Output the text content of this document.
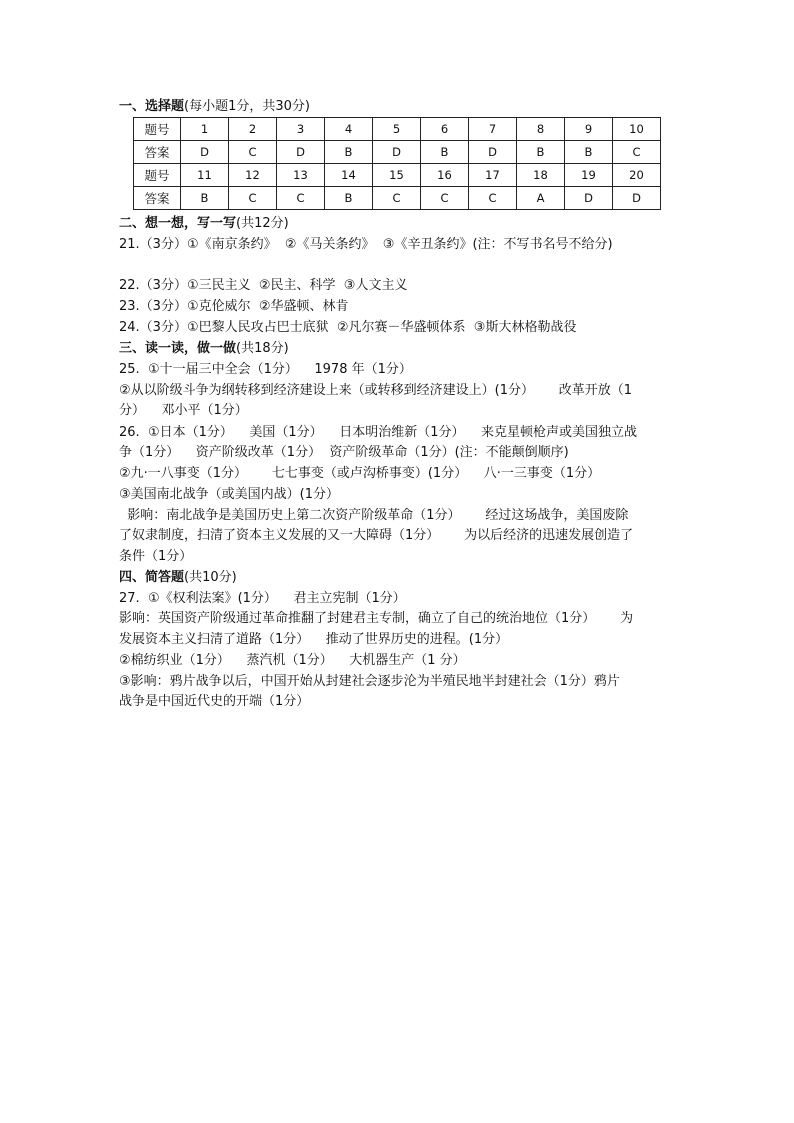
一、选择题(每小题1分，共30分)
题号	1	2	3	4	5	6	7	8	9	10
答案	D	C	D	B	D	B	D	B	B	C
题号	11	12	13	14	15	16	17	18	19	20
答案	B	C	C	B	C	C	C	A	D	D
二、想一想，写一写(共12分)
21.（3分）①《南京条约》  ②《马关条约》  ③《辛丑条约》(注：不写书名号不给分)
22.（3分）①三民主义  ②民主、科学  ③人文主义
23.（3分）①克伦威尔  ②华盛顿、林肯
24.（3分）①巴黎人民攻占巴士底狱  ②凡尔赛－华盛顿体系  ③斯大林格勒战役
三、读一读，做一做(共18分)
25.  ①十一届三中全会（1分）    1978 年（1分）
②从以阶级斗争为纲转移到经济建设上来（或转移到经济建设上）(1分）      改革开放（1
分）    邓小平（1分）
26.  ①日本（1分）    美国（1分）    日本明治维新（1分）    来克星顿枪声或美国独立战
争（1分）    资产阶级改革（1分）  资产阶级革命（1分）(注：不能颠倒顺序)
②九·一八事变（1分）      七七事变（或卢沟桥事变）(1分）    八·一三事变（1分）
③美国南北战争（或美国内战）(1分）
影响：南北战争是美国历史上第二次资产阶级革命（1分）      经过这场战争，美国废除
了奴隶制度，扫清了资本主义发展的又一大障碍（1分）      为以后经济的迅速发展创造了
条件（1分）
四、简答题(共10分)
27.  ①《权利法案》(1分）    君主立宪制（1分）
影响：英国资产阶级通过革命推翻了封建君主专制，确立了自己的统治地位（1分）      为
发展资本主义扫清了道路（1分）    推动了世界历史的进程。(1分）
②棉纺织业（1分）    蒸汽机（1分）    大机器生产（1 分）
③影响：鸦片战争以后，中国开始从封建社会逐步沦为半殖民地半封建社会（1分）鸦片
战争是中国近代史的开端（1分）
